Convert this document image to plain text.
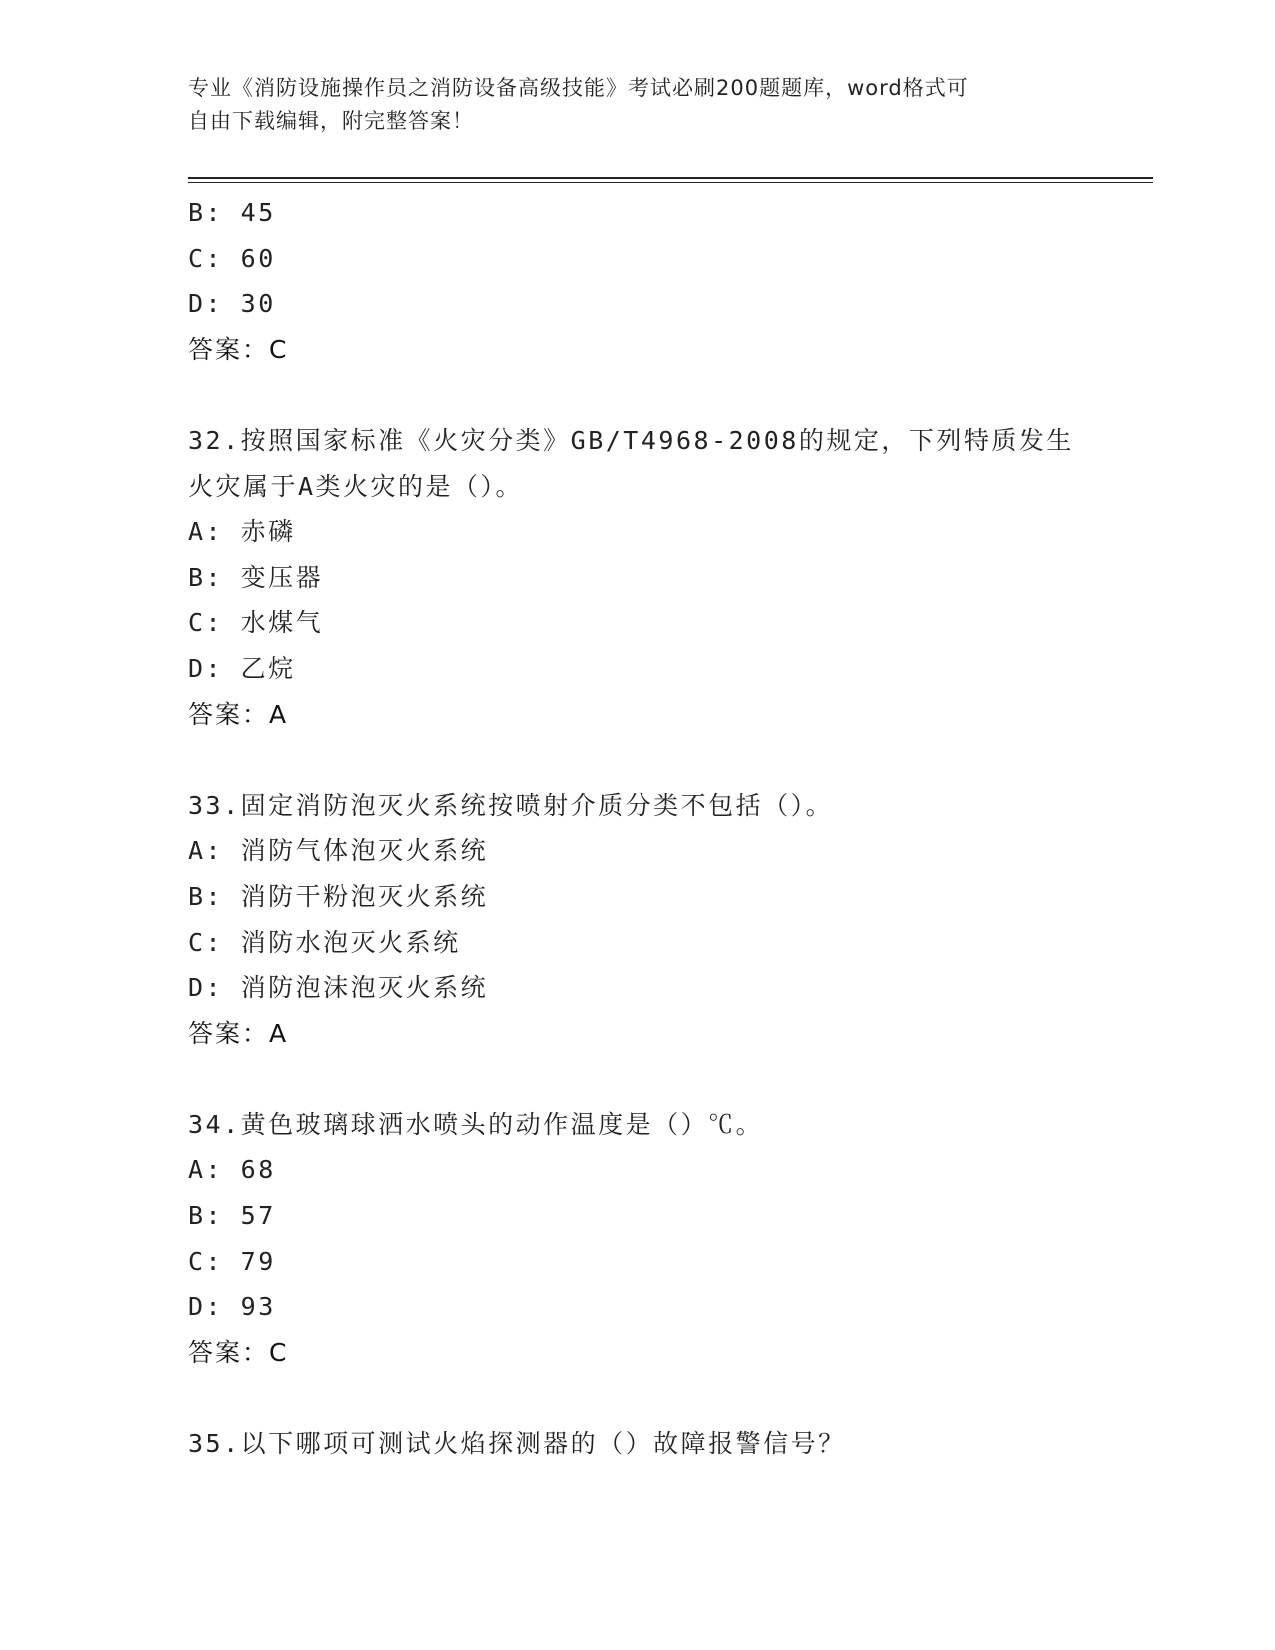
专业《消防设施操作员之消防设备高级技能》考试必刷200题题库，word格式可
自由下载编辑，附完整答案！
B: 45
C: 60
D: 30
答案：C
32.按照国家标准《火灾分类》GB/T4968-2008的规定，下列特质发生
火灾属于A类火灾的是（）。
A: 赤磷
B: 变压器
C: 水煤气
D: 乙烷
答案：A
33.固定消防泡灭火系统按喷射介质分类不包括（）。
A: 消防气体泡灭火系统
B: 消防干粉泡灭火系统
C: 消防水泡灭火系统
D: 消防泡沫泡灭火系统
答案：A
34.黄色玻璃球洒水喷头的动作温度是（）℃。
A: 68
B: 57
C: 79
D: 93
答案：C
35.以下哪项可测试火焰探测器的（）故障报警信号？
